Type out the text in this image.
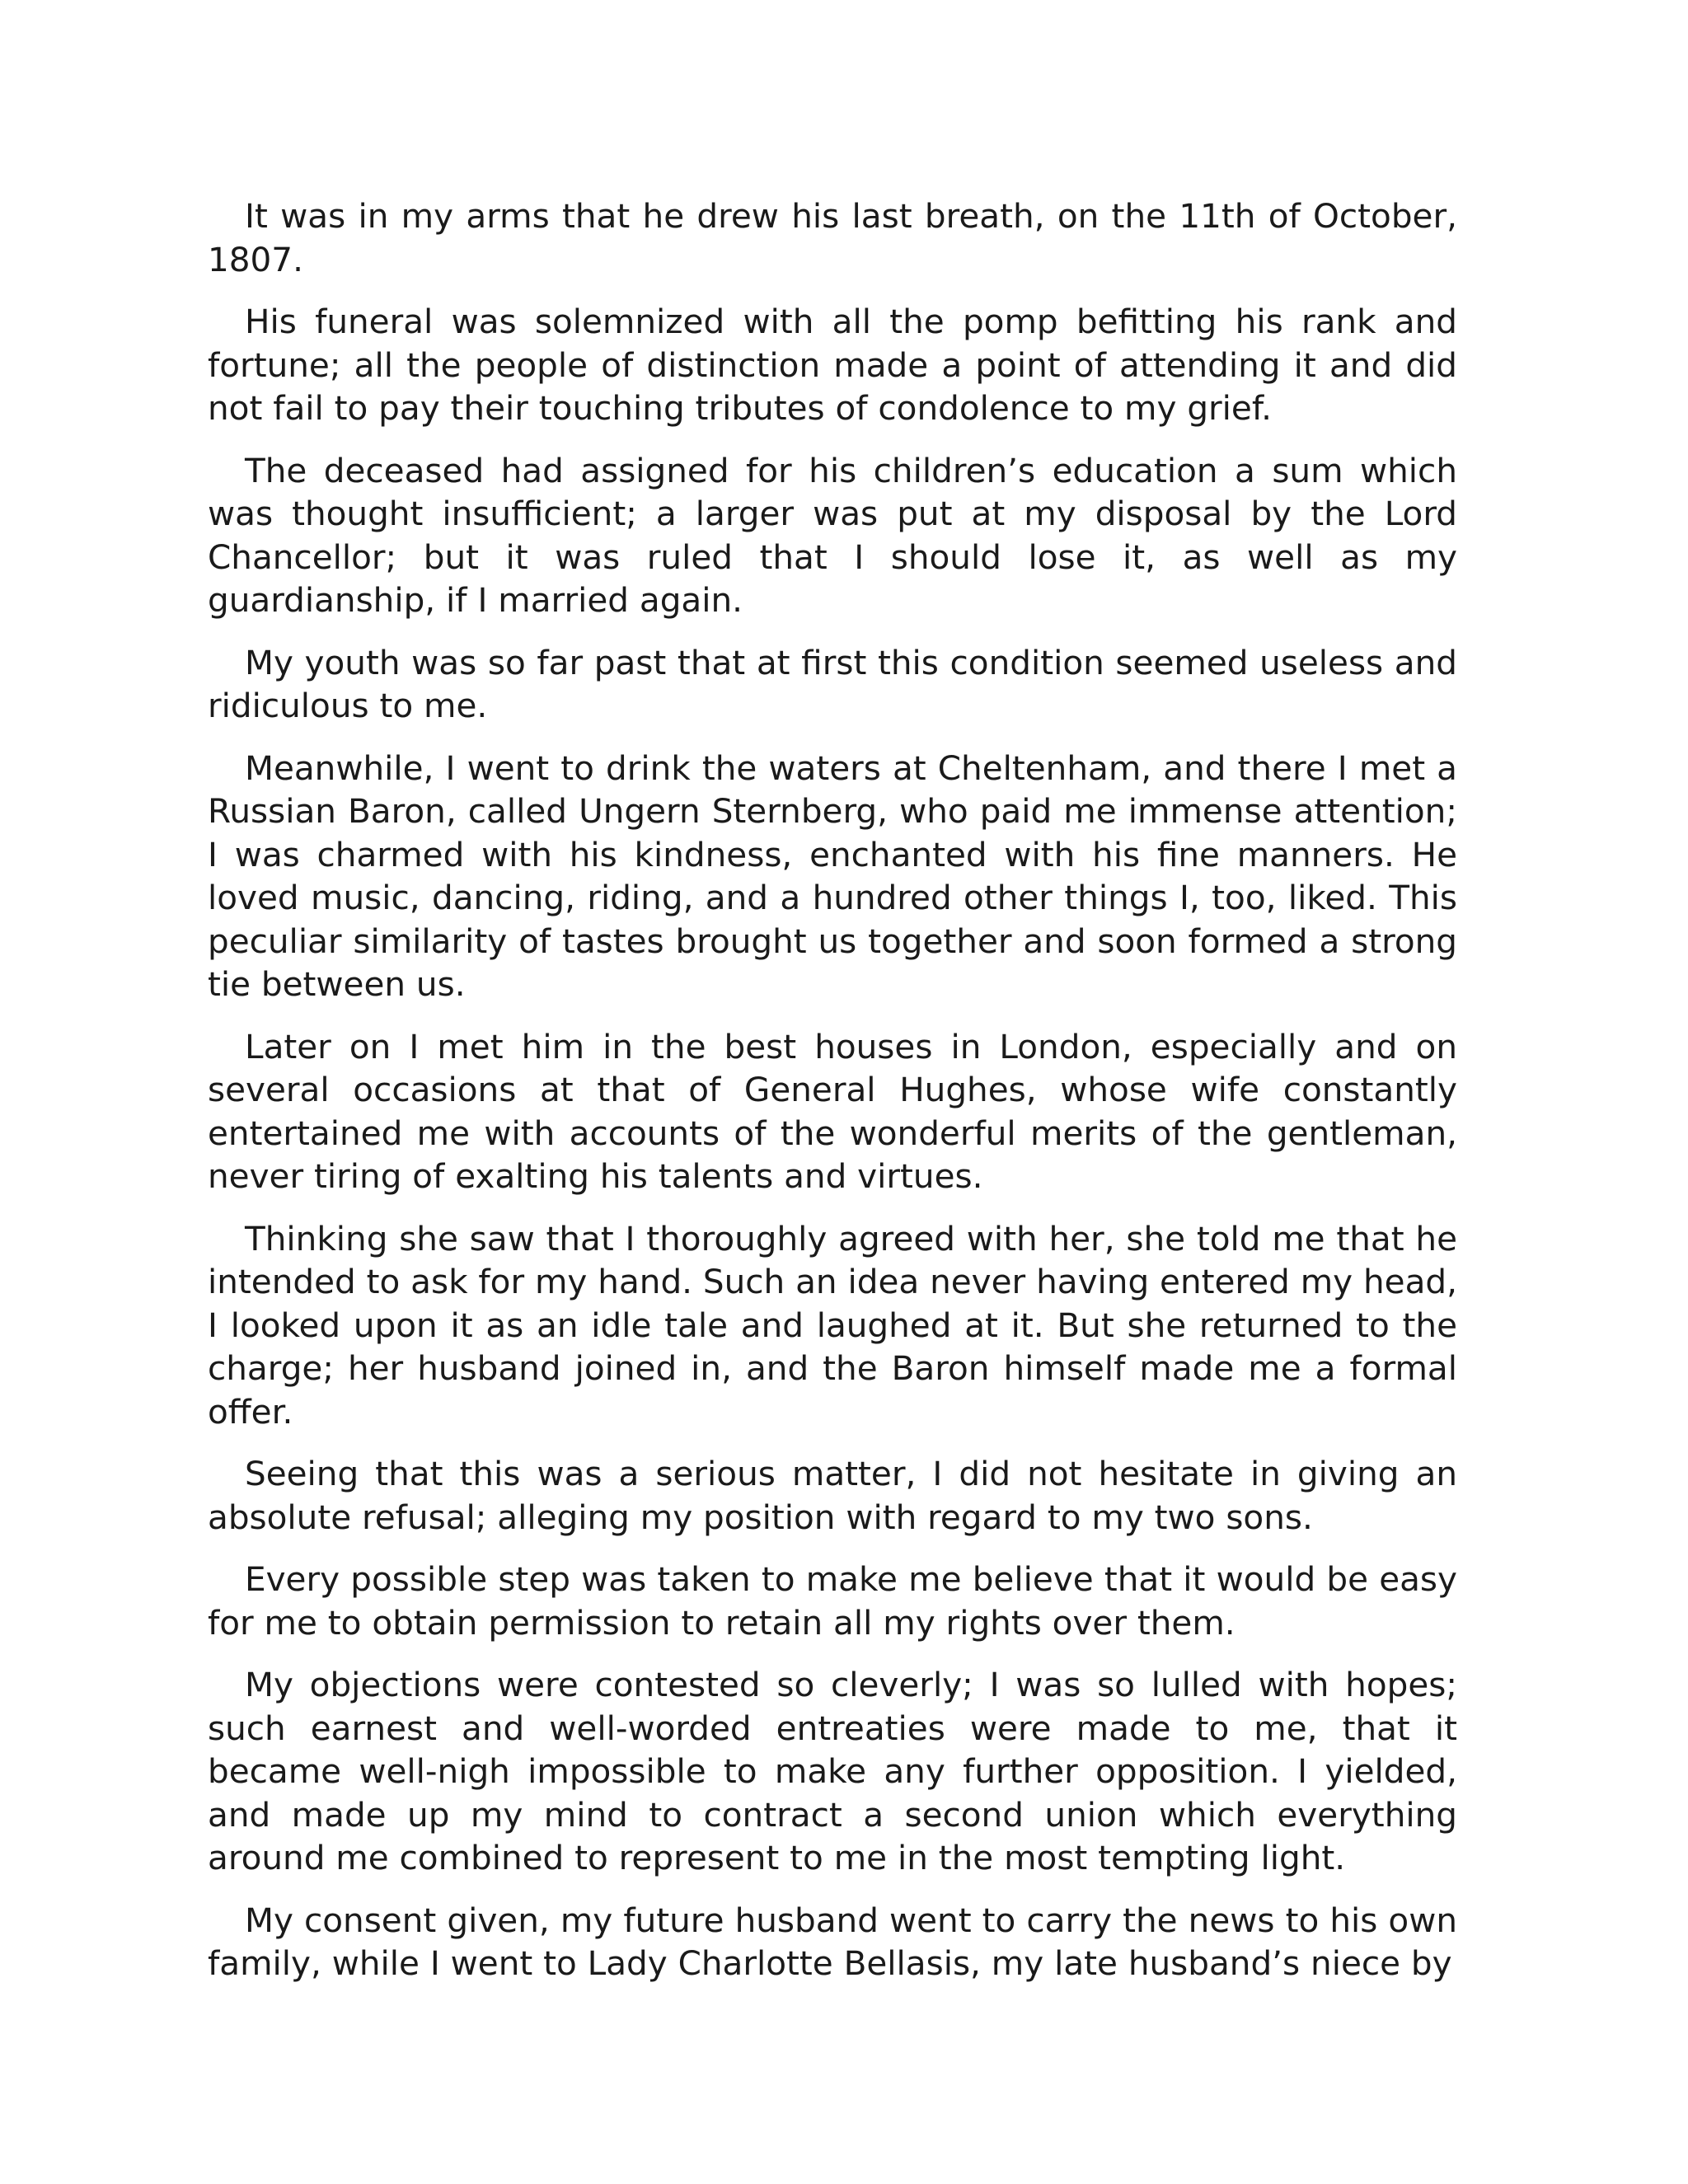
It was in my arms that he drew his last breath, on the 11th of October, 1807.

His funeral was solemnized with all the pomp befitting his rank and fortune; all the people of distinction made a point of attending it and did not fail to pay their touching tributes of condolence to my grief.

The deceased had assigned for his children’s education a sum which was thought insufficient; a larger was put at my disposal by the Lord Chancellor; but it was ruled that I should lose it, as well as my guardianship, if I married again.

My youth was so far past that at first this condition seemed useless and ridiculous to me.

Meanwhile, I went to drink the waters at Cheltenham, and there I met a Russian Baron, called Ungern Sternberg, who paid me immense attention; I was charmed with his kindness, enchanted with his fine manners. He loved music, dancing, riding, and a hundred other things I, too, liked. This peculiar similarity of tastes brought us together and soon formed a strong tie between us.

Later on I met him in the best houses in London, especially and on several occasions at that of General Hughes, whose wife constantly entertained me with accounts of the wonderful merits of the gentleman, never tiring of exalting his talents and virtues.

Thinking she saw that I thoroughly agreed with her, she told me that he intended to ask for my hand. Such an idea never having entered my head, I looked upon it as an idle tale and laughed at it. But she returned to the charge; her husband joined in, and the Baron himself made me a formal offer.

Seeing that this was a serious matter, I did not hesitate in giving an absolute refusal; alleging my position with regard to my two sons.

Every possible step was taken to make me believe that it would be easy for me to obtain permission to retain all my rights over them.

My objections were contested so cleverly; I was so lulled with hopes; such earnest and well-worded entreaties were made to me, that it became well-nigh impossible to make any further opposition. I yielded, and made up my mind to contract a second union which everything around me combined to represent to me in the most tempting light.

My consent given, my future husband went to carry the news to his own family, while I went to Lady Charlotte Bellasis, my late husband’s niece by
